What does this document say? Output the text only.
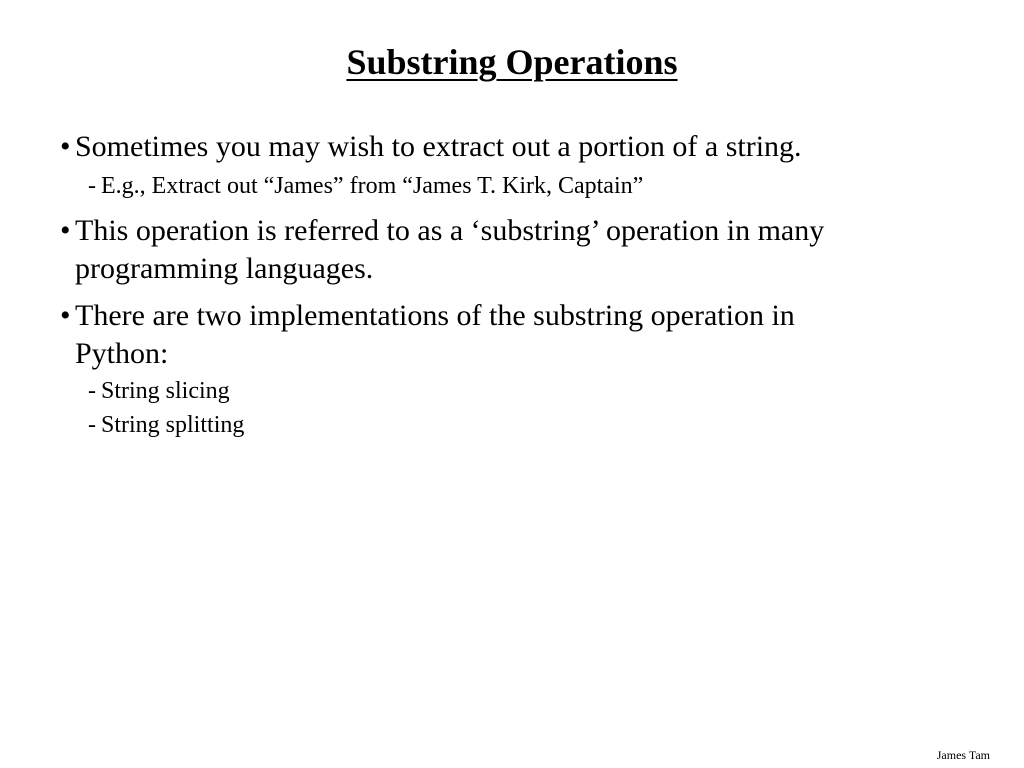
Substring Operations
• Sometimes you may wish to extract out a portion of a string.
- E.g., Extract out “James” from “James T. Kirk, Captain”
• This operation is referred to as a ‘substring’ operation in many
programming languages.
• There are two implementations of the substring operation in
Python:
- String slicing
- String splitting
James Tam
